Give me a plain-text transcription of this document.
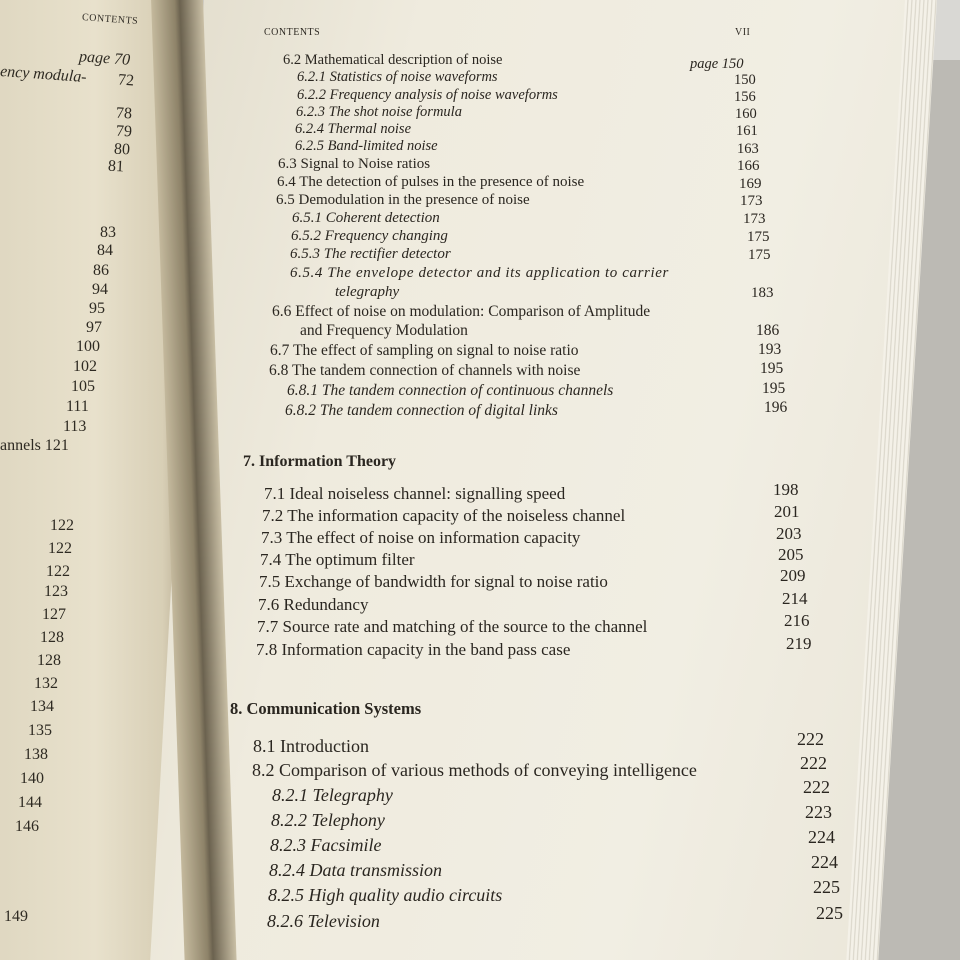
CONTENTS
page 70
ency modula- 72
78
79
80
81
83
84
86
94
95
97
100
102
105
111
113
annels 121
122
122
122
123
127
128
128
132
134
135
138
140
144
146
149
CONTENTS	VII
6.2 Mathematical description of noise	page 150
6.2.1 Statistics of noise waveforms	150
6.2.2 Frequency analysis of noise waveforms	156
6.2.3 The shot noise formula	160
6.2.4 Thermal noise	161
6.2.5 Band-limited noise	163
6.3 Signal to Noise ratios	166
6.4 The detection of pulses in the presence of noise	169
6.5 Demodulation in the presence of noise	173
6.5.1 Coherent detection	173
6.5.2 Frequency changing	175
6.5.3 The rectifier detector	175
6.5.4 The envelope detector and its application to carrier
telegraphy	183
6.6 Effect of noise on modulation: Comparison of Amplitude
and Frequency Modulation	186
6.7 The effect of sampling on signal to noise ratio	193
6.8 The tandem connection of channels with noise	195
6.8.1 The tandem connection of continuous channels	195
6.8.2 The tandem connection of digital links	196
7. Information Theory
7.1 Ideal noiseless channel: signalling speed	198
7.2 The information capacity of the noiseless channel	201
7.3 The effect of noise on information capacity	203
7.4 The optimum filter	205
7.5 Exchange of bandwidth for signal to noise ratio	209
7.6 Redundancy	214
7.7 Source rate and matching of the source to the channel	216
7.8 Information capacity in the band pass case	219
8. Communication Systems
8.1 Introduction	222
8.2 Comparison of various methods of conveying intelligence	222
8.2.1 Telegraphy	222
8.2.2 Telephony	223
8.2.3 Facsimile	224
8.2.4 Data transmission	224
8.2.5 High quality audio circuits	225
8.2.6 Television	225
